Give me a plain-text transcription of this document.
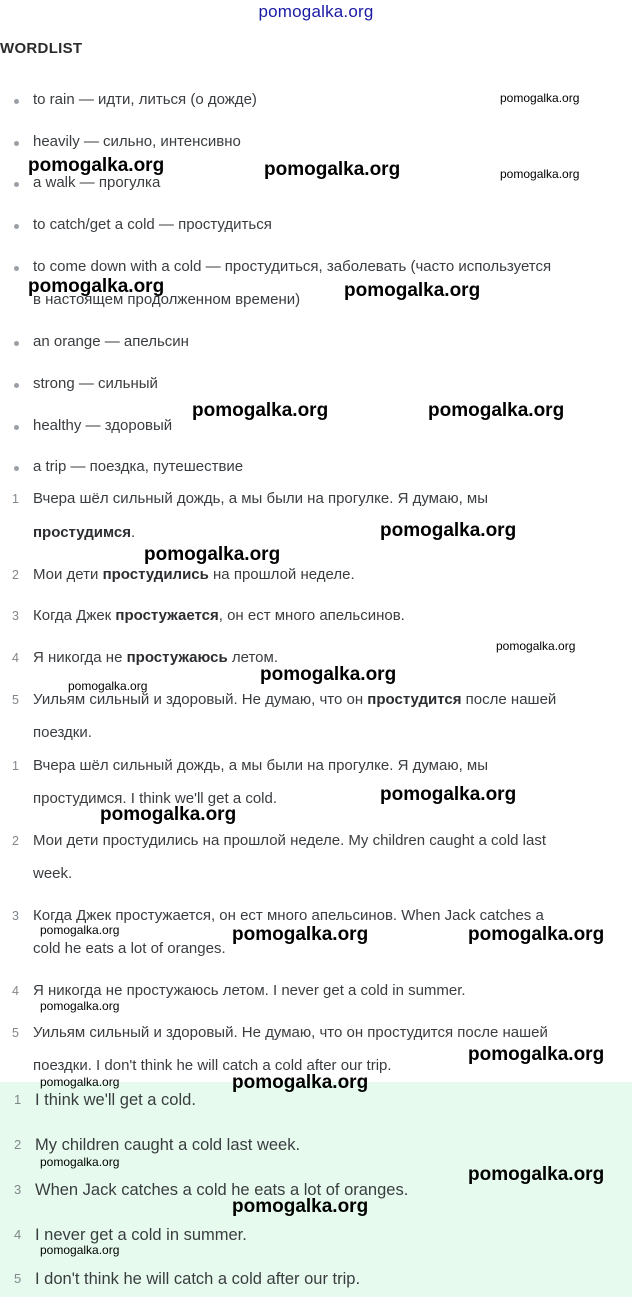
pomogalka.org
WORDLIST
to rain — идти, литься (о дожде)
heavily — сильно, интенсивно
a walk — прогулка
to catch/get a cold — простудиться
to come down with a cold — простудиться, заболевать (часто используется
в настоящем продолженном времени)
an orange — апельсин
strong — сильный
healthy — здоровый
a trip — поездка, путешествие
1 Вчера шёл сильный дождь, а мы были на прогулке. Я думаю, мы
простудимся.
2 Мои дети простудились на прошлой неделе.
3 Когда Джек простужается, он ест много апельсинов.
4 Я никогда не простужаюсь летом.
5 Уильям сильный и здоровый. Не думаю, что он простудится после нашей
поездки.
1 Вчера шёл сильный дождь, а мы были на прогулке. Я думаю, мы
простудимся. I think we'll get a cold.
2 Мои дети простудились на прошлой неделе. My children caught a cold last
week.
3 Когда Джек простужается, он ест много апельсинов. When Jack catches a
cold he eats a lot of oranges.
4 Я никогда не простужаюсь летом. I never get a cold in summer.
5 Уильям сильный и здоровый. Не думаю, что он простудится после нашей
поездки. I don't think he will catch a cold after our trip.
1 I think we'll get a cold.
2 My children caught a cold last week.
3 When Jack catches a cold he eats a lot of oranges.
4 I never get a cold in summer.
5 I don't think he will catch a cold after our trip.
pomogalka.org
pomogalka.org	pomogalka.org	pomogalka.org
pomogalka.org	pomogalka.org
pomogalka.org	pomogalka.org
pomogalka.org
pomogalka.org
pomogalka.org
pomogalka.org
pomogalka.org
pomogalka.org
pomogalka.org
pomogalka.org	pomogalka.org	pomogalka.org
pomogalka.org
pomogalka.org
pomogalka.org	pomogalka.org
pomogalka.org
pomogalka.org
pomogalka.org
pomogalka.org
